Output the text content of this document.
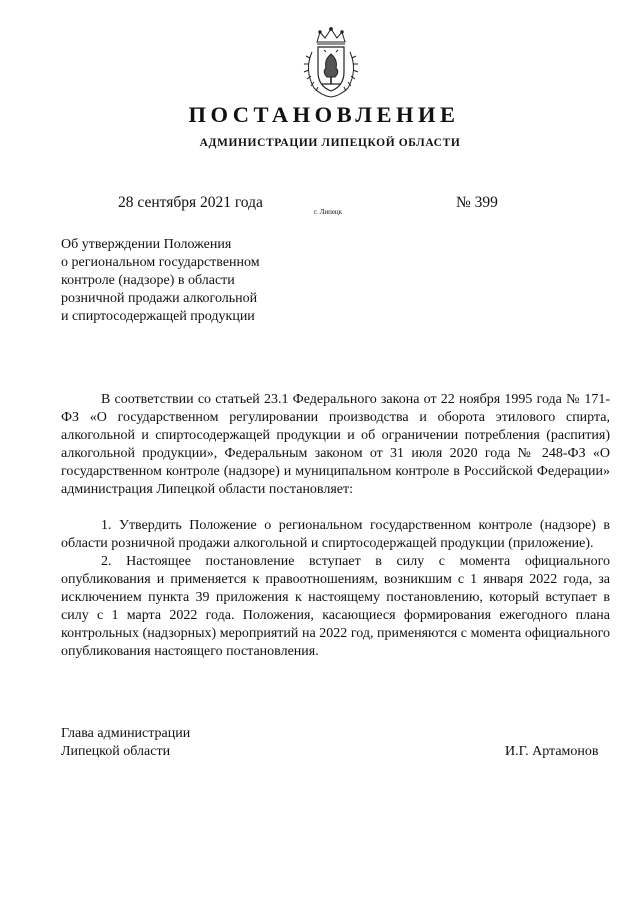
ПОСТАНОВЛЕНИЕ
АДМИНИСТРАЦИИ ЛИПЕЦКОЙ ОБЛАСТИ
28 сентября 2021 года
г. Липецк
№ 399
Об утверждении Положения
о региональном государственном
контроле (надзоре) в области
розничной продажи алкогольной
и спиртосодержащей продукции

В соответствии со статьей 23.1 Федерального закона от 22 ноября 1995 года № 171-ФЗ «О государственном регулировании производства и оборота этилового спирта, алкогольной и спиртосодержащей продукции и об ограничении потребления (распития) алкогольной продукции», Федеральным законом от 31 июля 2020 года № 248-ФЗ «О государственном контроле (надзоре) и муниципальном контроле в Российской Федерации» администрация Липецкой области постановляет:

1. Утвердить Положение о региональном государственном контроле (надзоре) в области розничной продажи алкогольной и спиртосодержащей продукции (приложение).

2. Настоящее постановление вступает в силу с момента официального опубликования и применяется к правоотношениям, возникшим с 1 января 2022 года, за исключением пункта 39 приложения к настоящему постановлению, который вступает в силу с 1 марта 2022 года. Положения, касающиеся формирования ежегодного плана контрольных (надзорных) мероприятий на 2022 год, применяются с момента официального опубликования настоящего постановления.

Глава администрации
Липецкой области	И.Г. Артамонов
